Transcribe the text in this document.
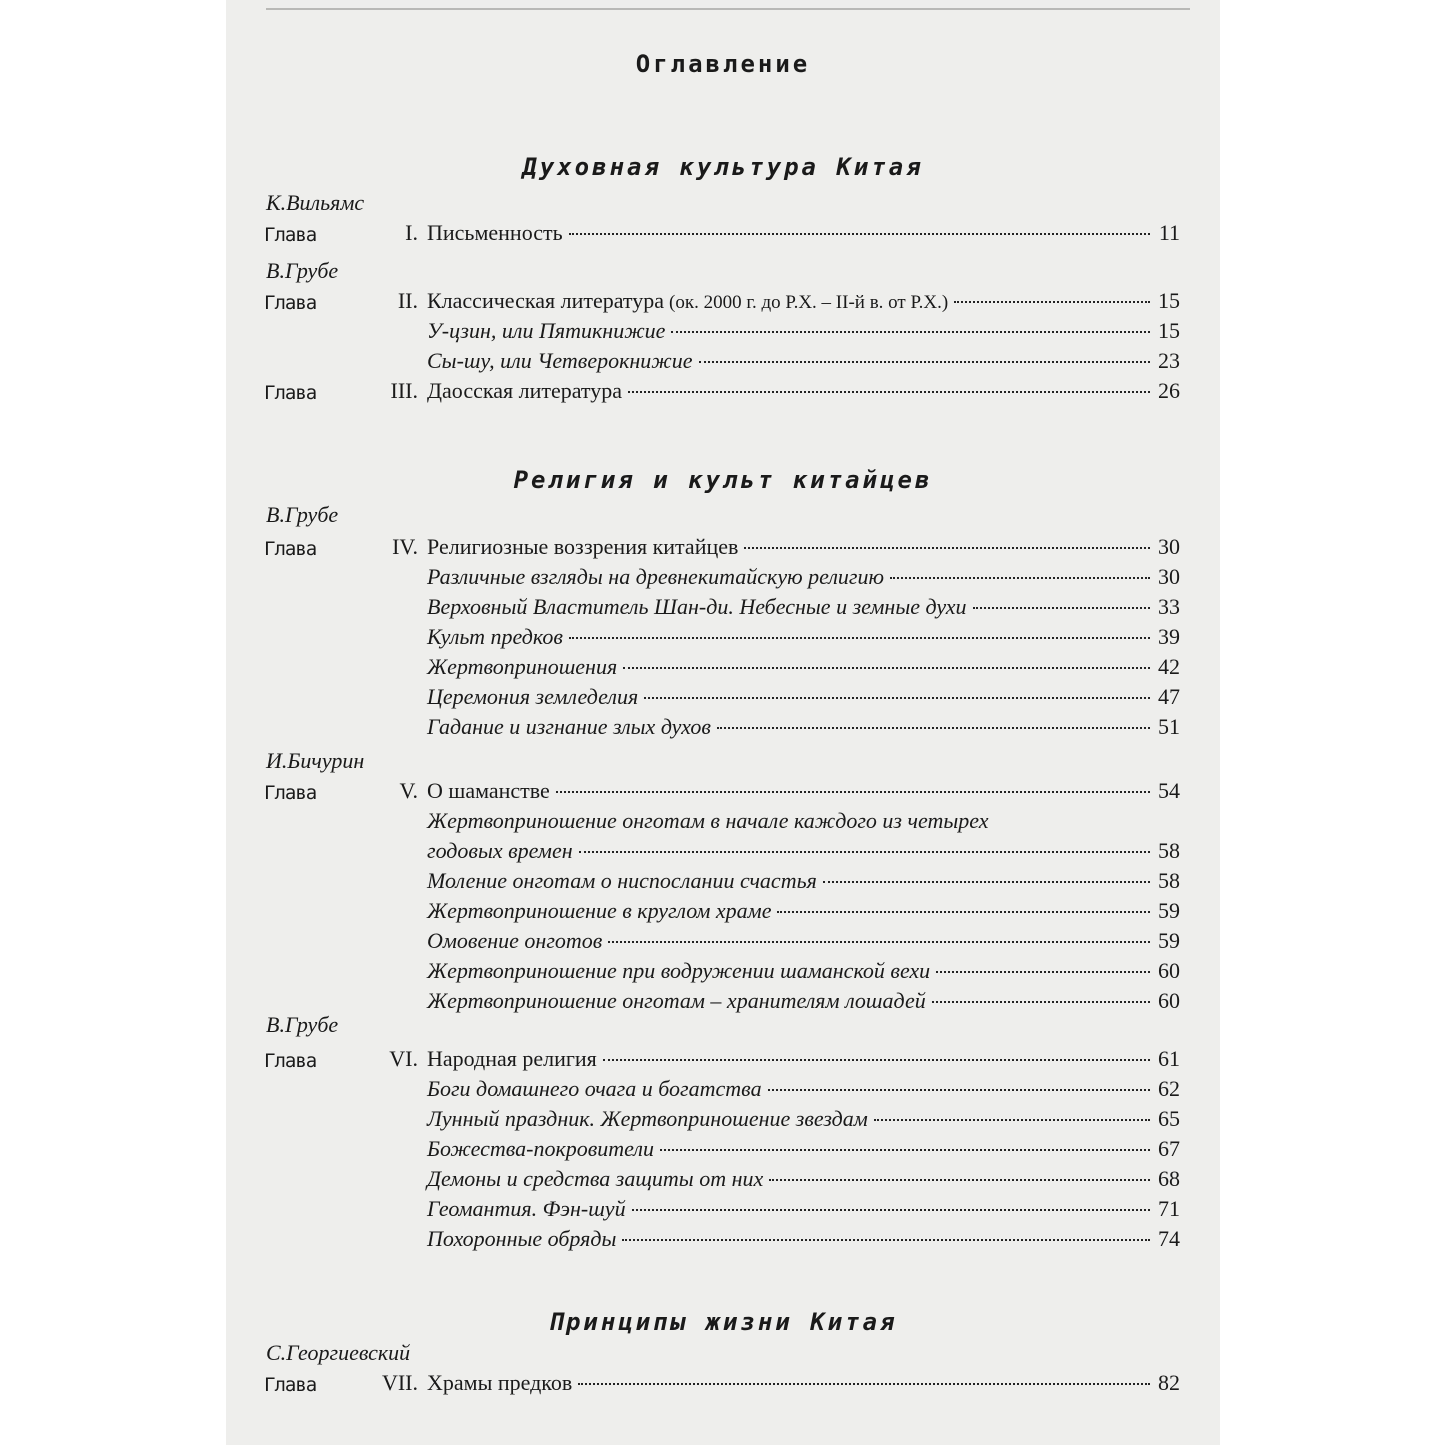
Оглавление
Духовная культура Китая
К.Вильямс
Глава	I. Письменность	11
В.Грубе
Глава	II. Классическая литература (ок. 2000 г. до Р.Х. – II-й в. от Р.Х.)	15
У-цзин, или Пятикнижие	15
Сы-шу, или Четверокнижие	23
Глава	III. Даосская литература	26
Религия и культ китайцев
В.Грубе
Глава	IV. Религиозные воззрения китайцев	30
Различные взгляды на древнекитайскую религию	30
Верховный Властитель Шан-ди. Небесные и земные духи	33
Культ предков	39
Жертвоприношения	42
Церемония земледелия	47
Гадание и изгнание злых духов	51
И.Бичурин
Глава	V. О шаманстве	54
Жертвоприношение онготам в начале каждого из четырех
годовых времен	58
Моление онготам о ниспослании счастья	58
Жертвоприношение в круглом храме	59
Омовение онготов	59
Жертвоприношение при водружении шаманской вехи	60
Жертвоприношение онготам – хранителям лошадей	60
В.Грубе
Глава	VI. Народная религия	61
Боги домашнего очага и богатства	62
Лунный праздник. Жертвоприношение звездам	65
Божества-покровители	67
Демоны и средства защиты от них	68
Геомантия. Фэн-шуй	71
Похоронные обряды	74
Принципы жизни Китая
С.Георгиевский
Глава	VII. Храмы предков	82
